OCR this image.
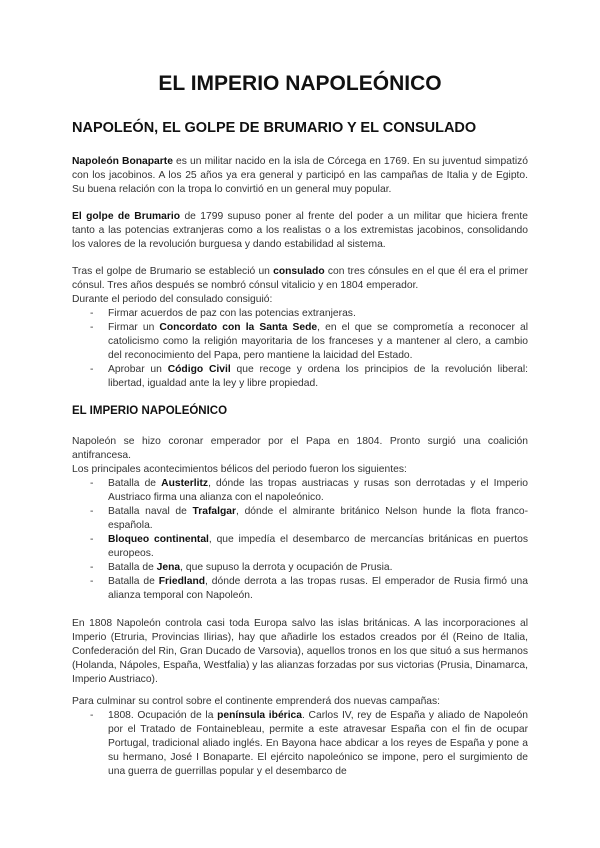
EL IMPERIO NAPOLEÓNICO
NAPOLEÓN, EL GOLPE DE BRUMARIO Y EL CONSULADO
Napoleón Bonaparte es un militar nacido en la isla de Córcega en 1769. En su juventud simpatizó con los jacobinos. A los 25 años ya era general y participó en las campañas de Italia y de Egipto. Su buena relación con la tropa lo convirtió en un general muy popular.
El golpe de Brumario de 1799 supuso poner al frente del poder a un militar que hiciera frente tanto a las potencias extranjeras como a los realistas o a los extremistas jacobinos, consolidando los valores de la revolución burguesa y dando estabilidad al sistema.
Tras el golpe de Brumario se estableció un consulado con tres cónsules en el que él era el primer cónsul. Tres años después se nombró cónsul vitalicio y en 1804 emperador.
Durante el periodo del consulado consiguió:
- Firmar acuerdos de paz con las potencias extranjeras.
- Firmar un Concordato con la Santa Sede, en el que se comprometía a reconocer al catolicismo como la religión mayoritaria de los franceses y a mantener al clero, a cambio del reconocimiento del Papa, pero mantiene la laicidad del Estado.
- Aprobar un Código Civil que recoge y ordena los principios de la revolución liberal: libertad, igualdad ante la ley y libre propiedad.
EL IMPERIO NAPOLEÓNICO
Napoleón se hizo coronar emperador por el Papa en 1804. Pronto surgió una coalición antifrancesa.
Los principales acontecimientos bélicos del periodo fueron los siguientes:
- Batalla de Austerlitz, dónde las tropas austriacas y rusas son derrotadas y el Imperio Austriaco firma una alianza con el napoleónico.
- Batalla naval de Trafalgar, dónde el almirante británico Nelson hunde la flota franco-española.
- Bloqueo continental, que impedía el desembarco de mercancías británicas en puertos europeos.
- Batalla de Jena, que supuso la derrota y ocupación de Prusia.
- Batalla de Friedland, dónde derrota a las tropas rusas. El emperador de Rusia firmó una alianza temporal con Napoleón.
En 1808 Napoleón controla casi toda Europa salvo las islas británicas. A las incorporaciones al Imperio (Etruria, Provincias Ilirias), hay que añadirle los estados creados por él (Reino de Italia, Confederación del Rin, Gran Ducado de Varsovia), aquellos tronos en los que situó a sus hermanos (Holanda, Nápoles, España, Westfalia) y las alianzas forzadas por sus victorias (Prusia, Dinamarca, Imperio Austriaco).
Para culminar su control sobre el continente emprenderá dos nuevas campañas:
- 1808. Ocupación de la península ibérica. Carlos IV, rey de España y aliado de Napoleón por el Tratado de Fontainebleau, permite a este atravesar España con el fin de ocupar Portugal, tradicional aliado inglés. En Bayona hace abdicar a los reyes de España y pone a su hermano, José I Bonaparte. El ejército napoleónico se impone, pero el surgimiento de una guerra de guerrillas popular y el desembarco de
